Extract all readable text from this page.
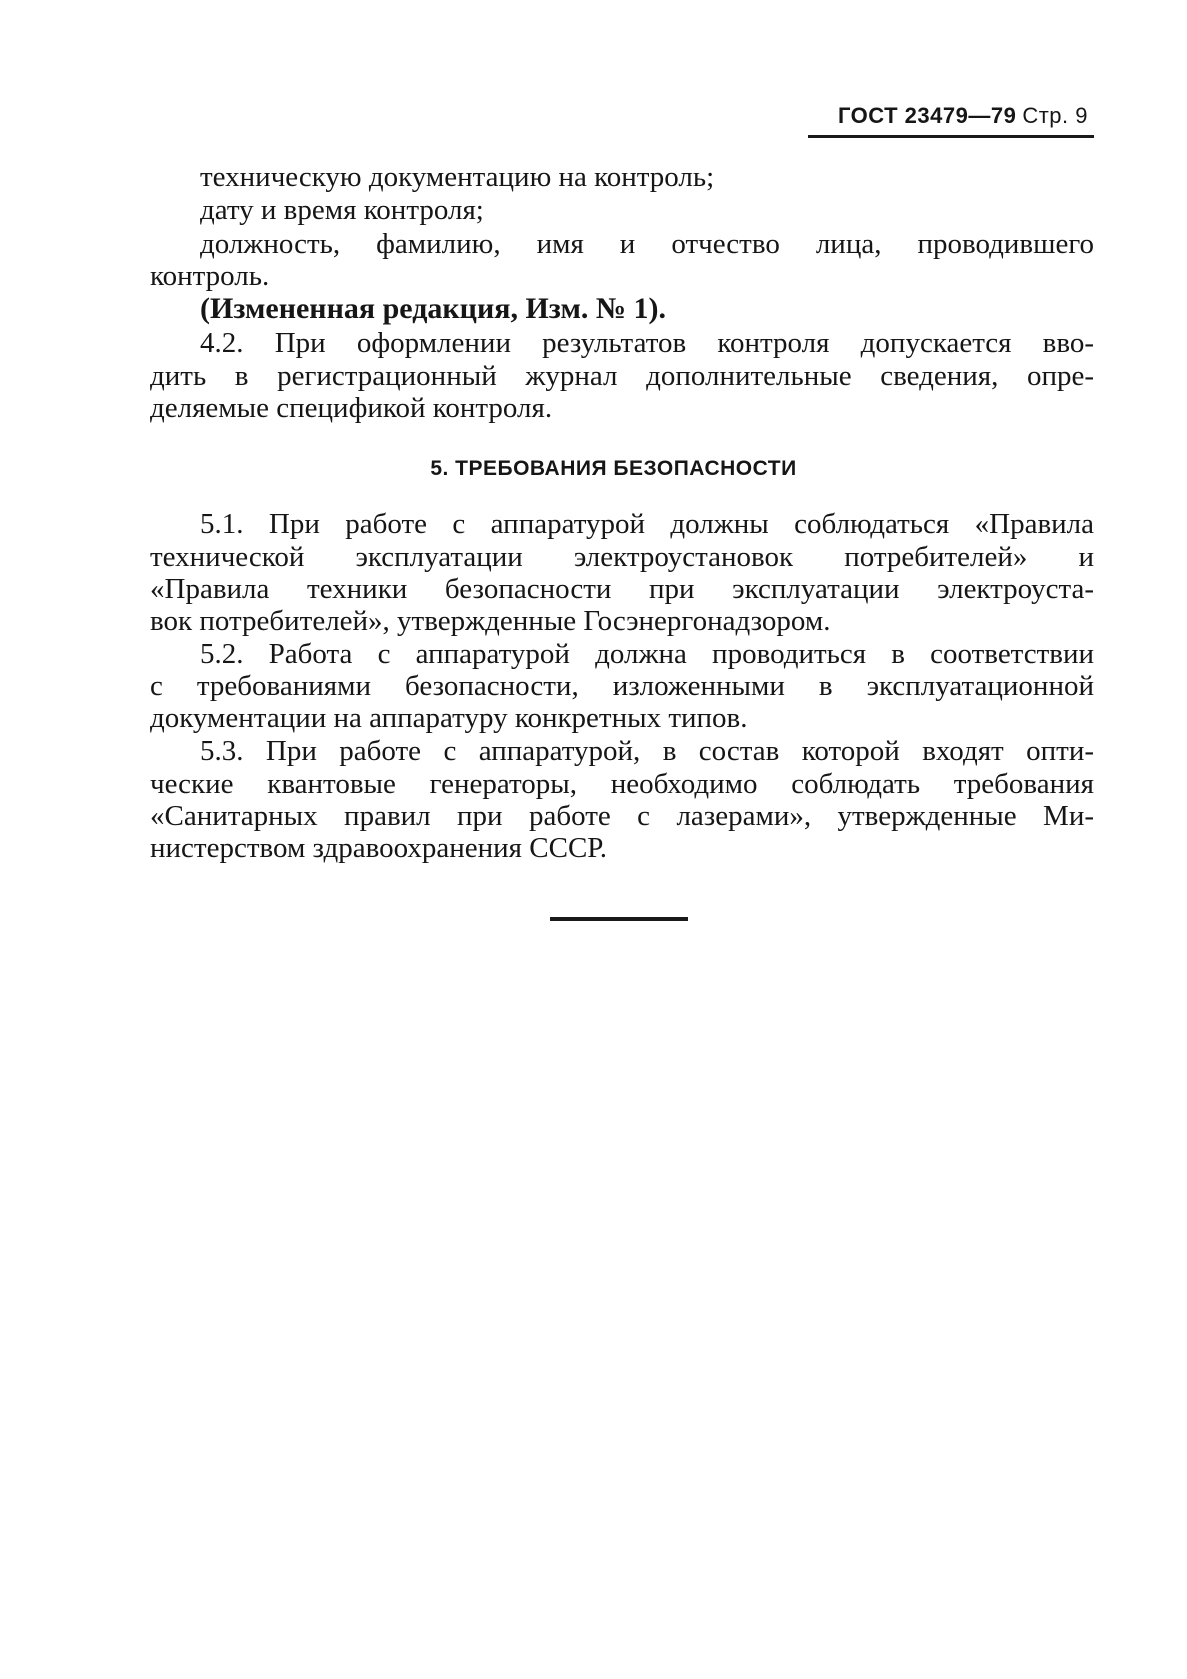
ГОСТ 23479—79 Стр. 9
техническую документацию на контроль;
дату и время контроля;
должность, фамилию, имя и отчество лица, проводившего
контроль.
(Измененная редакция, Изм. № 1).
4.2. При оформлении результатов контроля допускается вво-
дить в регистрационный журнал дополнительные сведения, опре-
деляемые спецификой контроля.
5. ТРЕБОВАНИЯ БЕЗОПАСНОСТИ
5.1. При работе с аппаратурой должны соблюдаться «Правила
технической эксплуатации электроустановок потребителей» и
«Правила техники безопасности при эксплуатации электроуста-
вок потребителей», утвержденные Госэнергонадзором.
5.2. Работа с аппаратурой должна проводиться в соответствии
с требованиями безопасности, изложенными в эксплуатационной
документации на аппаратуру конкретных типов.
5.3. При работе с аппаратурой, в состав которой входят опти-
ческие квантовые генераторы, необходимо соблюдать требования
«Санитарных правил при работе с лазерами», утвержденные Ми-
нистерством здравоохранения СССР.
